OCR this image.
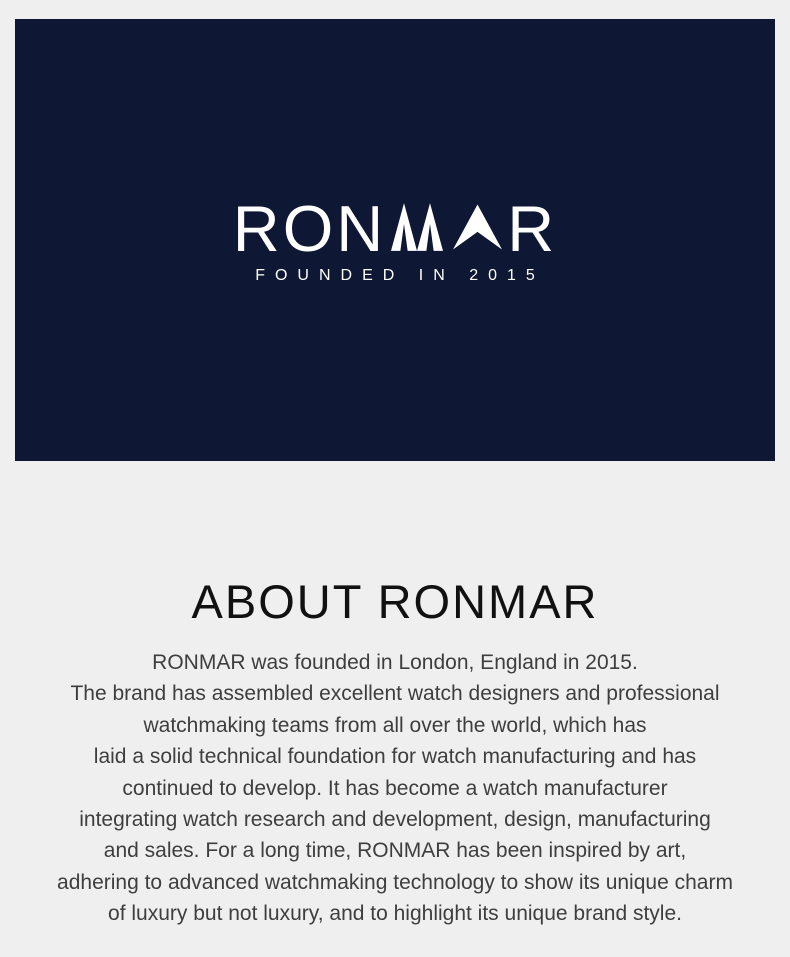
RON R
FOUNDED IN 2015
ABOUT RONMAR
RONMAR was founded in London, England in 2015.
The brand has assembled excellent watch designers and professional
watchmaking teams from all over the world, which has
laid a solid technical foundation for watch manufacturing and has
continued to develop. It has become a watch manufacturer
integrating watch research and development, design, manufacturing
and sales. For a long time, RONMAR has been inspired by art,
adhering to advanced watchmaking technology to show its unique charm
of luxury but not luxury, and to highlight its unique brand style.
